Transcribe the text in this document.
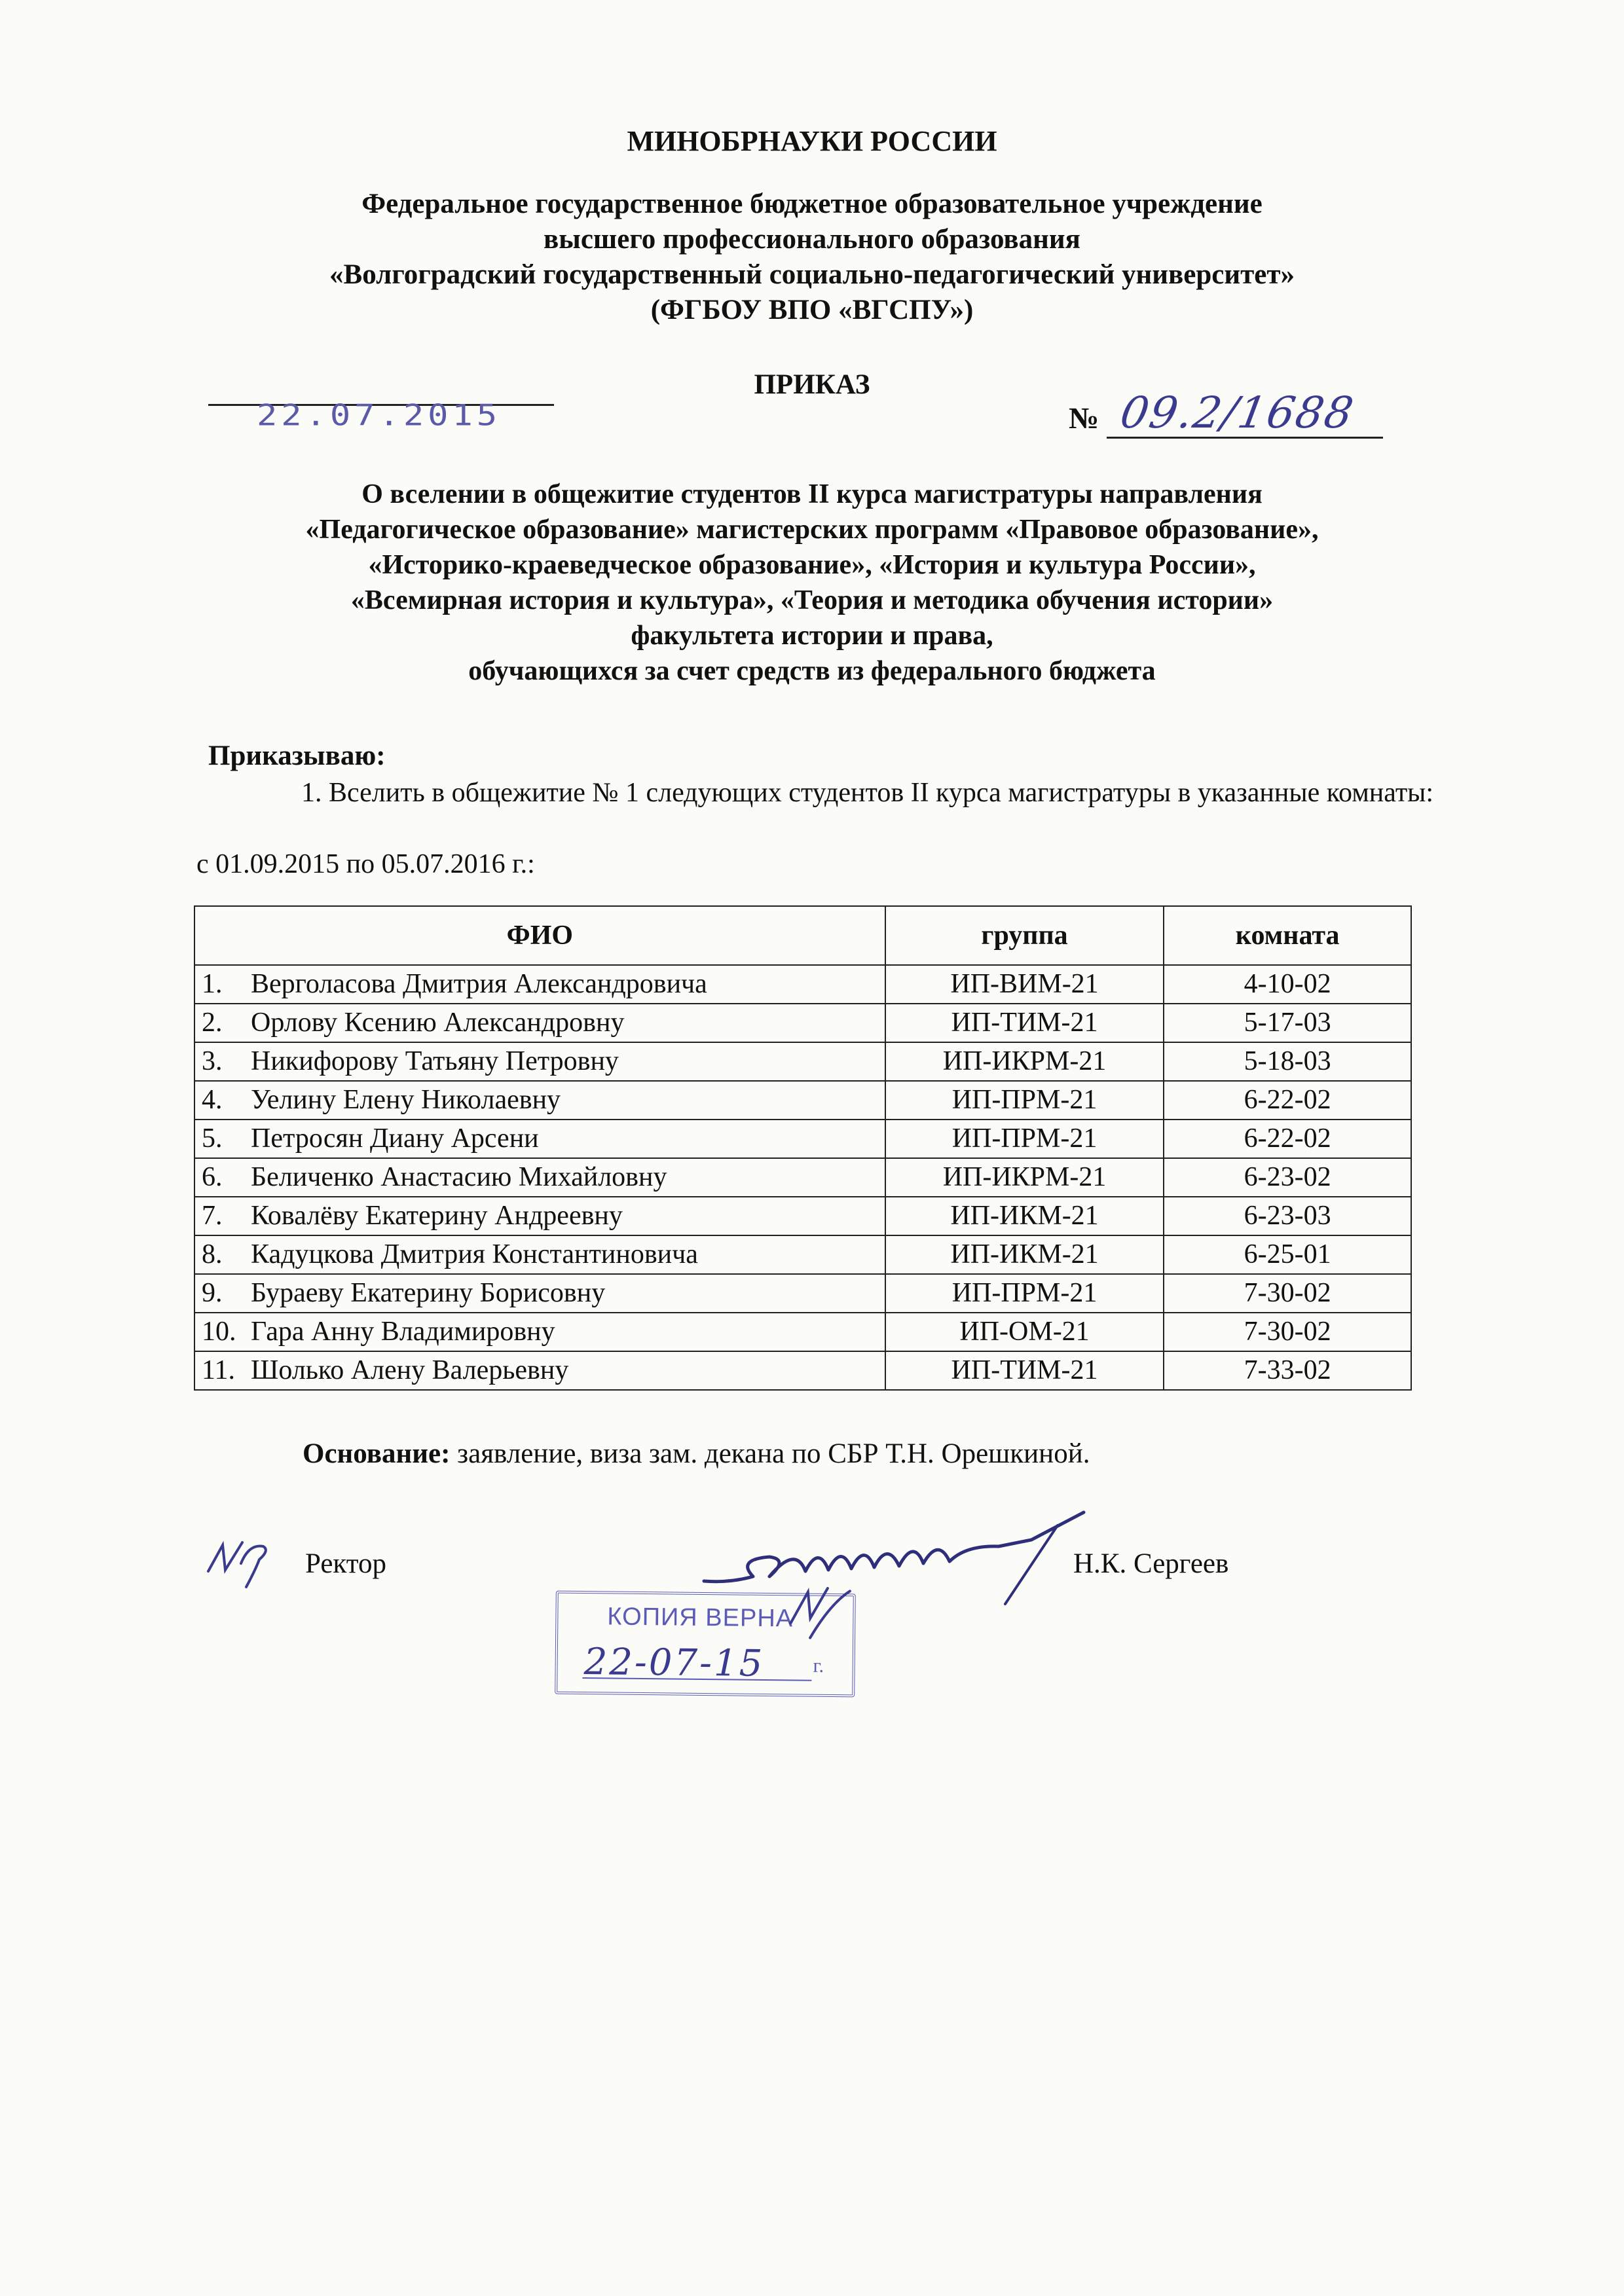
МИНОБРНАУКИ РОССИИ
Федеральное государственное бюджетное образовательное учреждение
высшего профессионального образования
«Волгоградский государственный социально-педагогический университет»
(ФГБОУ ВПО «ВГСПУ»)
ПРИКАЗ
22.07.2015	№ 09.2/1688
О вселении в общежитие студентов II курса магистратуры направления
«Педагогическое образование» магистерских программ «Правовое образование»,
«Историко-краеведческое образование», «История и культура России»,
«Всемирная история и культура», «Теория и методика обучения истории»
факультета истории и права,
обучающихся за счет средств из федерального бюджета
Приказываю:
1. Вселить в общежитие № 1 следующих студентов II курса магистратуры в указанные комнаты:
с 01.09.2015 по 05.07.2016 г.:
ФИО	группа	комната
1. Верголасова Дмитрия Александровича	ИП-ВИМ-21	4-10-02
2. Орлову Ксению Александровну	ИП-ТИМ-21	5-17-03
3. Никифорову Татьяну Петровну	ИП-ИКРМ-21	5-18-03
4. Уелину Елену Николаевну	ИП-ПРМ-21	6-22-02
5. Петросян Диану Арсени	ИП-ПРМ-21	6-22-02
6. Беличенко Анастасию Михайловну	ИП-ИКРМ-21	6-23-02
7. Ковалёву Екатерину Андреевну	ИП-ИКМ-21	6-23-03
8. Кадуцкова Дмитрия Константиновича	ИП-ИКМ-21	6-25-01
9. Бураеву Екатерину Борисовну	ИП-ПРМ-21	7-30-02
10. Гара Анну Владимировну	ИП-ОМ-21	7-30-02
11. Шолько Алену Валерьевну	ИП-ТИМ-21	7-33-02
Основание: заявление, виза зам. декана по СБР Т.Н. Орешкиной.
Ректор	Н.К. Сергеев
КОПИЯ ВЕРНА
22-07-15 г.
